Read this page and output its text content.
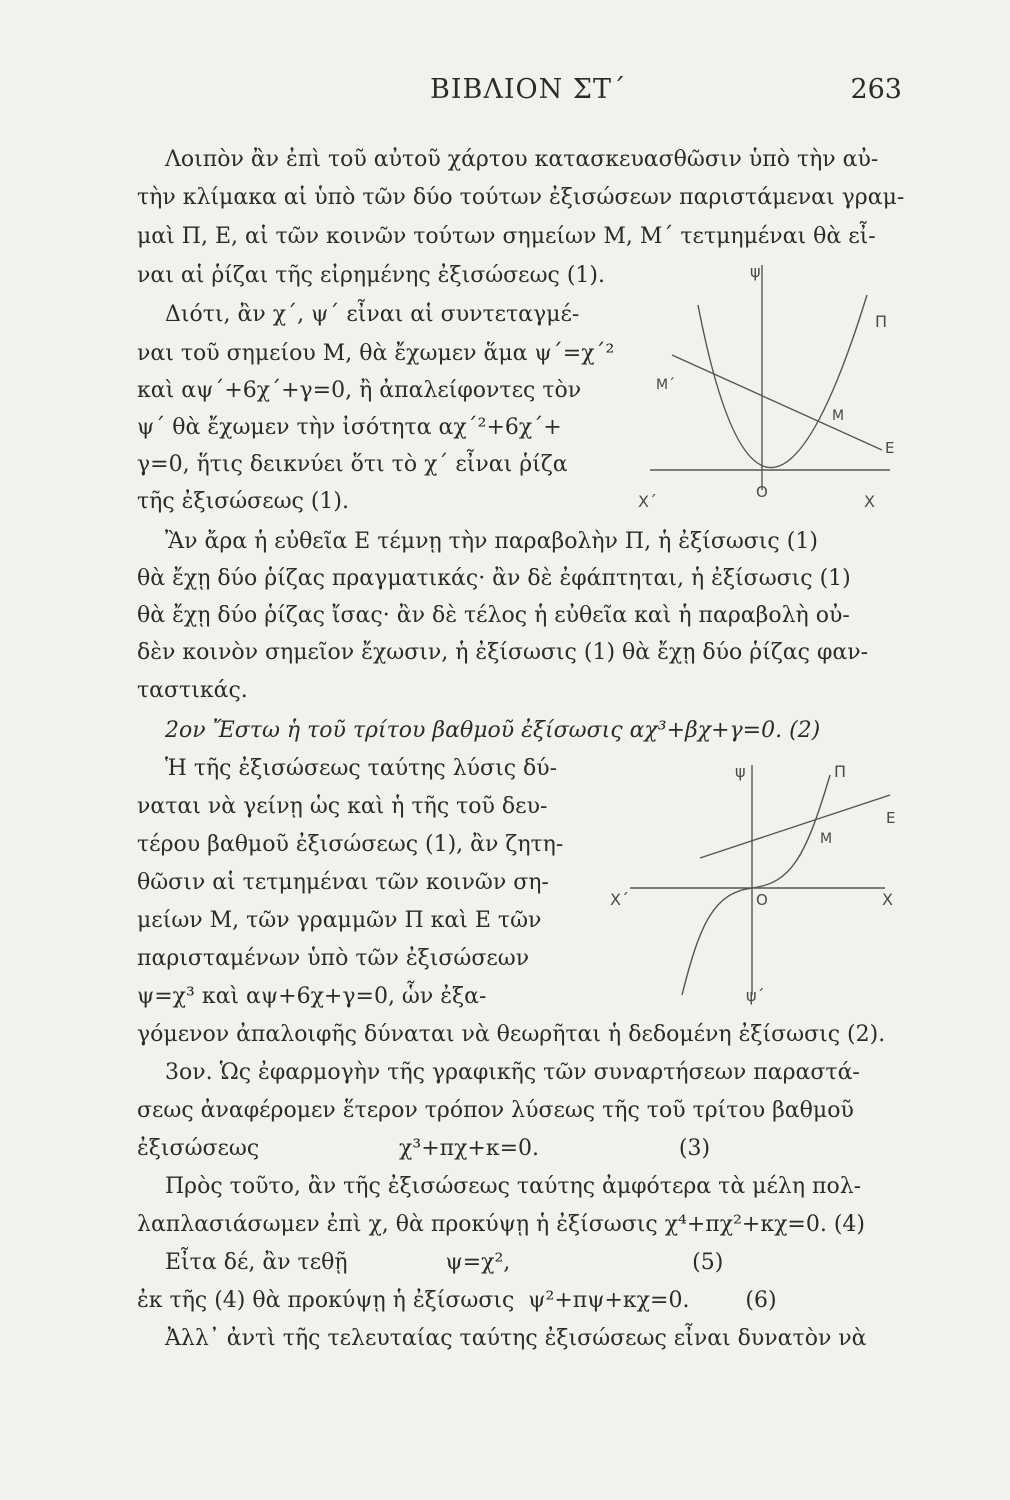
ΒΙΒΛΙΟΝ ΣΤ΄	263
Λοιπὸν ἂν ἐπὶ τοῦ αὐτοῦ χάρτου κατασκευασθῶσιν ὑπὸ τὴν αὐ-
τὴν κλίμακα αἱ ὑπὸ τῶν δύο τούτων ἐξισώσεων παριστάμεναι γραμ-
μαὶ Π, Ε, αἱ τῶν κοινῶν τούτων σημείων Μ, Μ΄ τετμημέναι θὰ εἶ-
ναι αἱ ῥίζαι τῆς εἰρημένης ἐξισώσεως (1).
Διότι, ἂν χ΄, ψ΄ εἶναι αἱ συντεταγμέ-
ναι τοῦ σημείου Μ, θὰ ἔχωμεν ἅμα ψ΄=χ΄²
καὶ αψ΄+6χ΄+γ=0, ἢ ἀπαλείφοντες τὸν
ψ΄ θὰ ἔχωμεν τὴν ἰσότητα αχ΄²+6χ΄+
γ=0, ἥτις δεικνύει ὅτι τὸ χ΄ εἶναι ῥίζα
τῆς ἐξισώσεως (1).
Ἂν ἄρα ἡ εὐθεῖα Ε τέμνῃ τὴν παραβολὴν Π, ἡ ἐξίσωσις (1)
θὰ ἔχῃ δύο ῥίζας πραγματικάς· ἂν δὲ ἐφάπτηται, ἡ ἐξίσωσις (1)
θὰ ἔχῃ δύο ῥίζας ἴσας· ἂν δὲ τέλος ἡ εὐθεῖα καὶ ἡ παραβολὴ οὐ-
δὲν κοινὸν σημεῖον ἔχωσιν, ἡ ἐξίσωσις (1) θὰ ἔχῃ δύο ῥίζας φαν-
ταστικάς.
2ον Ἔστω ἡ τοῦ τρίτου βαθμοῦ ἐξίσωσις αχ³+βχ+γ=0. (2)
Ἡ τῆς ἐξισώσεως ταύτης λύσις δύ-
ναται νὰ γείνῃ ὡς καὶ ἡ τῆς τοῦ δευ-
τέρου βαθμοῦ ἐξισώσεως (1), ἂν ζητη-
θῶσιν αἱ τετμημέναι τῶν κοινῶν ση-
μείων Μ, τῶν γραμμῶν Π καὶ Ε τῶν
παρισταμένων ὑπὸ τῶν ἐξισώσεων
ψ=χ³ καὶ αψ+6χ+γ=0, ὧν ἐξα-
γόμενον ἀπαλοιφῆς δύναται νὰ θεωρῆται ἡ δεδομένη ἐξίσωσις (2).
3ον. Ὡς ἐφαρμογὴν τῆς γραφικῆς τῶν συναρτήσεων παραστά-
σεως ἀναφέρομεν ἕτερον τρόπον λύσεως τῆς τοῦ τρίτου βαθμοῦ
ἐξισώσεως                    χ³+πχ+κ=0.                    (3)
Πρὸς τοῦτο, ἂν τῆς ἐξισώσεως ταύτης ἀμφότερα τὰ μέλη πολ-
λαπλασιάσωμεν ἐπὶ χ, θὰ προκύψῃ ἡ ἐξίσωσις χ⁴+πχ²+κχ=0. (4)
Εἶτα δέ, ἂν τεθῇ              ψ=χ²,                          (5)
ἐκ τῆς (4) θὰ προκύψῃ ἡ ἐξίσωσις  ψ²+πψ+κχ=0.        (6)
Ἀλλ᾽ ἀντὶ τῆς τελευταίας ταύτης ἐξισώσεως εἶναι δυνατὸν νὰ
ψ
Π
Μ΄
Μ
Ε
Χ΄	Ο	Χ
ψ	Π
Ε
Μ
Χ΄	Ο	Χ
ψ΄
